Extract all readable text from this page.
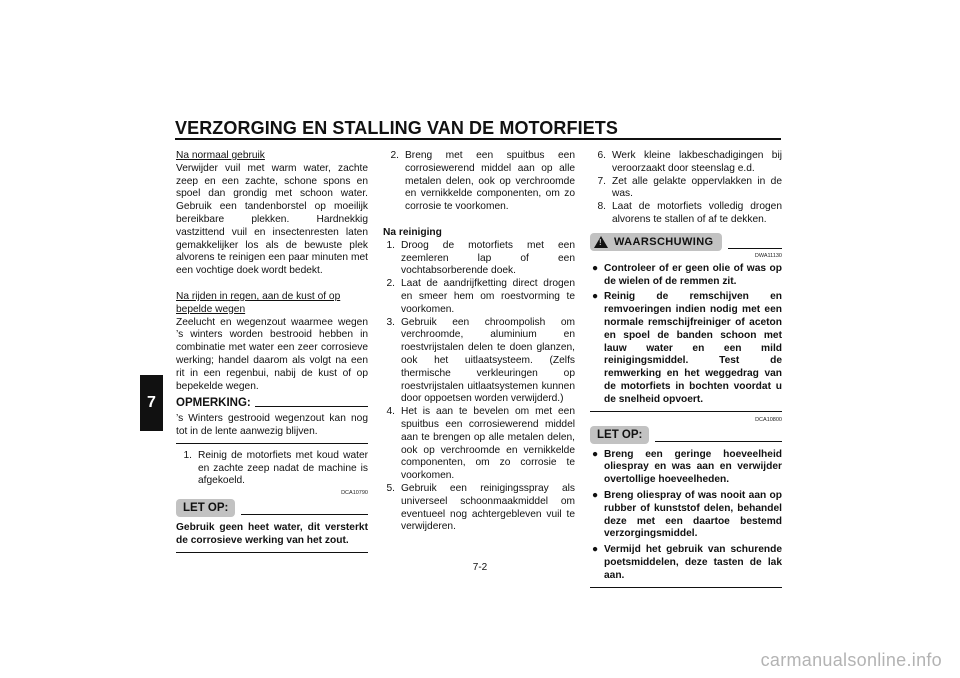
VERZORGING EN STALLING VAN DE MOTORFIETS
7
Na normaal gebruik
Verwijder vuil met warm water, zachte zeep en een zachte, schone spons en spoel dan grondig met schoon water. Gebruik een tandenborstel op moeilijk bereikbare plekken. Hardnekkig vastzittend vuil en insectenresten laten gemakkelijker los als de bewuste plek alvorens te reinigen een paar minuten met een vochtige doek wordt bedekt.
Na rijden in regen, aan de kust of op bepelde wegen
Zeelucht en wegenzout waarmee wegen ’s winters worden bestrooid hebben in combinatie met water een zeer corrosieve werking; handel daarom als volgt na een rit in een regenbui, nabij de kust of op bepekelde wegen.
OPMERKING:
’s Winters gestrooid wegenzout kan nog tot in de lente aanwezig blijven.
1. Reinig de motorfiets met koud water en zachte zeep nadat de machine is afgekoeld.
DCA10790
LET OP:
Gebruik geen heet water, dit versterkt de corrosieve werking van het zout.
2. Breng met een spuitbus een corrosiewerend middel aan op alle metalen delen, ook op verchroomde en vernikkelde componenten, om zo corrosie te voorkomen.
Na reiniging
1. Droog de motorfiets met een zeemleren lap of een vochtabsorberende doek.
2. Laat de aandrijfketting direct drogen en smeer hem om roestvorming te voorkomen.
3. Gebruik een chroompolish om verchroomde, aluminium en roestvrijstalen delen te doen glanzen, ook het uitlaatsysteem. (Zelfs thermische verkleuringen op roestvrijstalen uitlaatsystemen kunnen door oppoetsen worden verwijderd.)
4. Het is aan te bevelen om met een spuitbus een corrosiewerend middel aan te brengen op alle metalen delen, ook op verchroomde en vernikkelde componenten, om zo corrosie te voorkomen.
5. Gebruik een reinigingsspray als universeel schoonmaakmiddel om eventueel nog achtergebleven vuil te verwijderen.
6. Werk kleine lakbeschadigingen bij veroorzaakt door steenslag e.d.
7. Zet alle gelakte oppervlakken in de was.
8. Laat de motorfiets volledig drogen alvorens te stallen of af te dekken.
! WAARSCHUWING
DWA11130
● Controleer of er geen olie of was op de wielen of de remmen zit.
● Reinig de remschijven en remvoeringen indien nodig met een normale remschijfreiniger of aceton en spoel de banden schoon met lauw water en een mild reinigingsmiddel. Test de remwerking en het weggedrag van de motorfiets in bochten voordat u de snelheid opvoert.
DCA10800
LET OP:
● Breng een geringe hoeveelheid oliespray en was aan en verwijder overtollige hoeveelheden.
● Breng oliespray of was nooit aan op rubber of kunststof delen, behandel deze met een daartoe bestemd verzorgingsmiddel.
● Vermijd het gebruik van schurende poetsmiddelen, deze tasten de lak aan.
7-2
carmanualsonline.info
